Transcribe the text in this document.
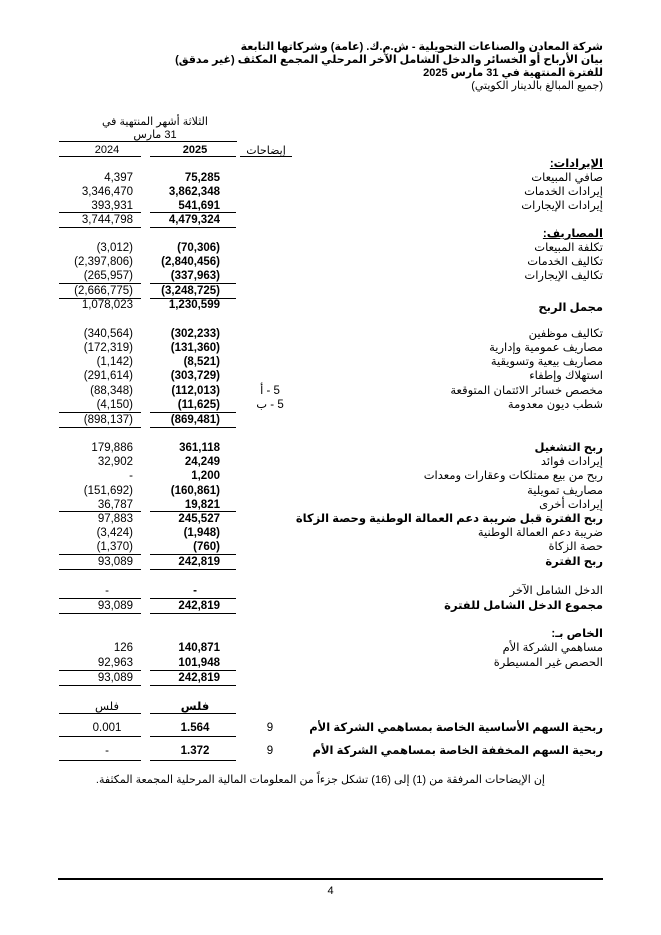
شركة المعادن والصناعات التحويلية - ش.م.ك. (عامة) وشركاتها التابعة
بيان الأرباح أو الخسائر والدخل الشامل الآخر المرحلي المجمع المكثف (غير مدقق)
للفترة المنتهية في 31 مارس 2025
(جميع المبالغ بالدينار الكويتي)
الثلاثة أشهر المنتهية في
31 مارس
2025
2024	إيضاحات
الإيرادات:
صافي المبيعات
75,285
4,397
إيرادات الخدمات
3,862,348
3,346,470
إيرادات الإيجارات
541,691
393,931
4,479,324
3,744,798
المصاريف:
تكلفة المبيعات
(70,306)
(3,012)
تكاليف الخدمات
(2,840,456)
(2,397,806)
تكاليف الإيجارات
(337,963)
(265,957)
(3,248,725)
(2,666,775)
1,230,599
1,078,023	مجمل الربح
تكاليف موظفين
(302,233)
(340,564)
مصاريف عمومية وإدارية
(131,360)
(172,319)
مصاريف بيعية وتسويقية
(8,521)
(1,142)
استهلاك وإطفاء
(303,729)
(291,614)
مخصص خسائر الائتمان المتوقعة
5 - أ
(112,013)
(88,348)
شطب ديون معدومة
5 - ب
(11,625)
(4,150)
(869,481)
(898,137)
ربح التشغيل
361,118
179,886
إيرادات فوائد
24,249
32,902
ربح من بيع ممتلكات وعقارات ومعدات
1,200
-
مصاريف تمويلية
(160,861)
(151,692)
إيرادات أخرى
19,821
36,787
ربح الفترة قبل ضريبة دعم العمالة الوطنية وحصة الزكاة
245,527
97,883
ضريبة دعم العمالة الوطنية
(1,948)
(3,424)
حصة الزكاة
(760)
(1,370)
ربح الفترة
242,819
93,089
الدخل الشامل الآخر
-
-
مجموع الدخل الشامل للفترة
242,819
93,089
الخاص بـ:
مساهمي الشركة الأم
140,871
126
الحصص غير المسيطرة
101,948
92,963
242,819
93,089
فلس
فلس
ربحية السهم الأساسية الخاصة بمساهمي الشركة الأم
9
1.564
0.001
ربحية السهم المخففة الخاصة بمساهمي الشركة الأم
9
1.372
-
إن الإيضاحات المرفقة من (1) إلى (16) تشكل جزءاً من المعلومات المالية المرحلية المجمعة المكثفة.
4
